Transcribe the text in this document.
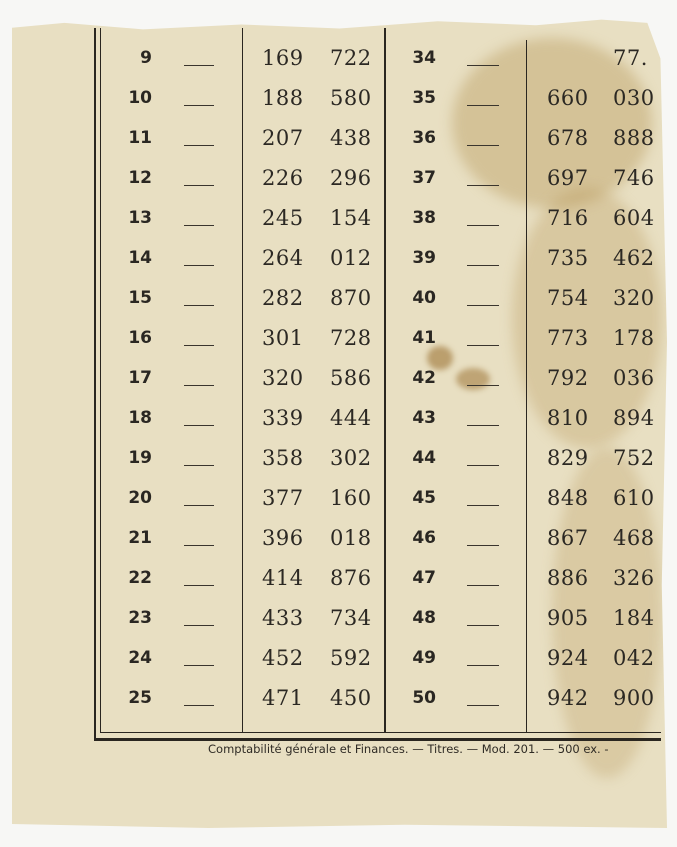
9	169 722	34	77.
10	188 580	35	660 030
11	207 438	36	678 888
12	226 296	37	697 746
13	245 154	38	716 604
14	264 012	39	735 462
15	282 870	40	754 320
16	301 728	41	773 178
17	320 586	42	792 036
18	339 444	43	810 894
19	358 302	44	829 752
20	377 160	45	848 610
21	396 018	46	867 468
22	414 876	47	886 326
23	433 734	48	905 184
24	452 592	49	924 042
25	471 450	50	942 900
Comptabilité générale et Finances. — Titres. — Mod. 201. — 500 ex. -
